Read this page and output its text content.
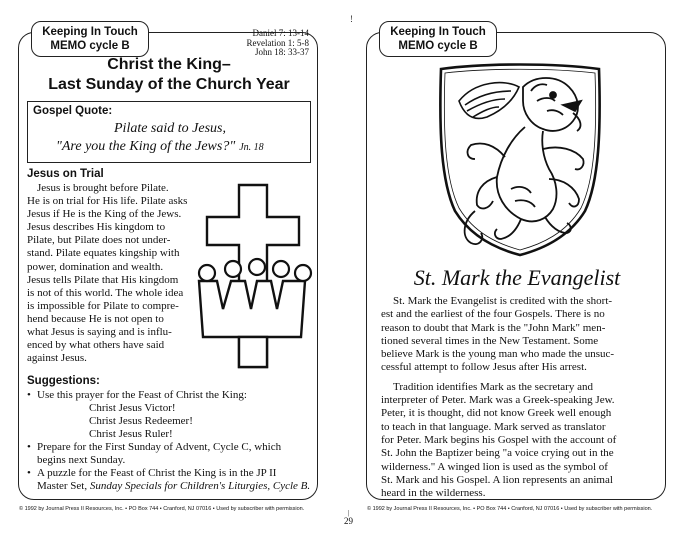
!
Keeping In Touch
MEMO cycle B
Daniel 7: 13-14
Revelation 1: 5-8
John 18: 33-37
Christ the King–
Last Sunday of the Church Year
Gospel Quote:
Pilate said to Jesus,
"Are you the King of the Jews?" Jn. 18
Jesus on Trial
Jesus is brought before Pilate.
He is on trial for His life. Pilate asks
Jesus if He is the King of the Jews.
Jesus describes His kingdom to
Pilate, but Pilate does not under-
stand. Pilate equates kingship with
power, domination and wealth.
Jesus tells Pilate that His kingdom
is not of this world. The whole idea
is impossible for Pilate to compre-
hend because He is not open to
what Jesus is saying and is influ-
enced by what others have said
against Jesus.
Suggestions:
• Use this prayer for the Feast of Christ the King:
Christ Jesus Victor!
Christ Jesus Redeemer!
Christ Jesus Ruler!
• Prepare for the First Sunday of Advent, Cycle C, which
begins next Sunday.
• A puzzle for the Feast of Christ the King is in the JP II
Master Set, Sunday Specials for Children's Liturgies, Cycle B.
© 1992 by Journal Press II Resources, Inc. • PO Box 744 • Cranford, NJ 07016 • Used by subscriber with permission.
Keeping In Touch
MEMO cycle B
St. Mark the Evangelist
St. Mark the Evangelist is credited with the short-
est and the earliest of the four Gospels. There is no
reason to doubt that Mark is the "John Mark" men-
tioned several times in the New Testament. Some
believe Mark is the young man who made the unsuc-
cessful attempt to follow Jesus after His arrest.
Tradition identifies Mark as the secretary and
interpreter of Peter. Mark was a Greek-speaking Jew.
Peter, it is thought, did not know Greek well enough
to teach in that language. Mark served as translator
for Peter. Mark begins his Gospel with the account of
St. John the Baptizer being "a voice crying out in the
wilderness." A winged lion is used as the symbol of
St. Mark and his Gospel. A lion represents an animal
heard in the wilderness.
© 1992 by Journal Press II Resources, Inc. • PO Box 744 • Cranford, NJ 07016 • Used by subscriber with permission.
|
29
